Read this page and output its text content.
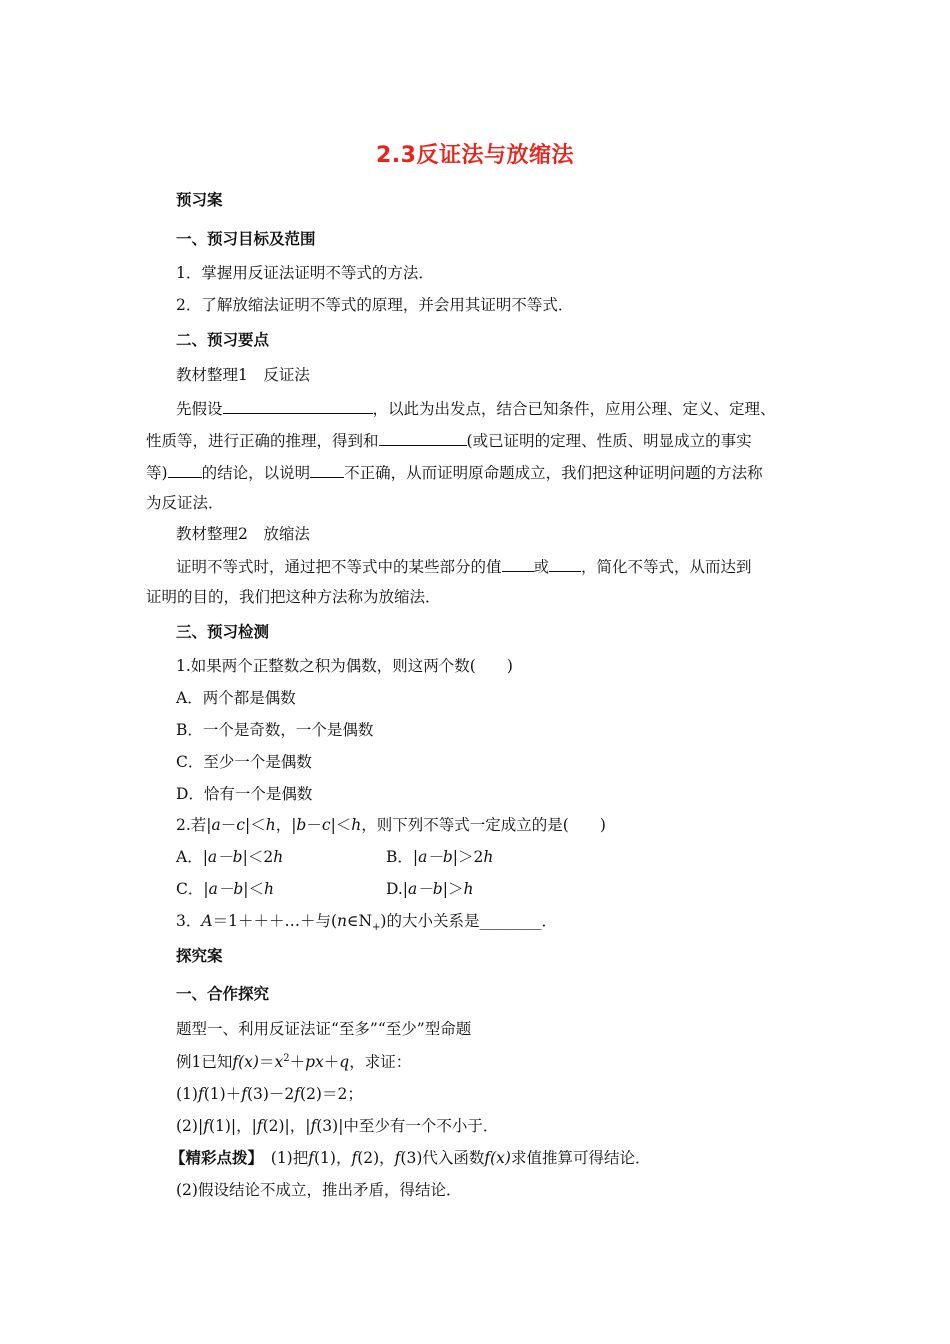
2.3反证法与放缩法
预习案
一、预习目标及范围
1．掌握用反证法证明不等式的方法．
2．了解放缩法证明不等式的原理，并会用其证明不等式．
二、预习要点
教材整理1　反证法
先假设	，以此为出发点，结合已知条件，应用公理、定义、定理、
性质等，进行正确的推理，得到和	(或已证明的定理、性质、明显成立的事实
等) 的结论，以说明 不正确，从而证明原命题成立，我们把这种证明问题的方法称
为反证法．
教材整理2　放缩法
证明不等式时，通过把不等式中的某些部分的值 或 ，简化不等式，从而达到
证明的目的，我们把这种方法称为放缩法．
三、预习检测
1.如果两个正整数之积为偶数，则这两个数(　　)
A．两个都是偶数
B．一个是奇数，一个是偶数
C．至少一个是偶数
D．恰有一个是偶数
2.若|a－c|＜h，|b－c|＜h，则下列不等式一定成立的是(　　)
A．|a－b|＜2h	B．|a－b|＞2h
C．|a－b|＜h	D.|a－b|＞h
3．A＝1＋＋＋…＋与$(n\in N_+)$的大小关系是________．
探究案
一、合作探究
题型一、利用反证法证“至多”“至少”型命题
例1已知$f(x)=x^2+px+q$，求证：
(1)f(1)＋f(3)－2f(2)＝2；
(2)|f(1)|，|f(2)|，|f(3)|中至少有一个不小于．
【精彩点拨】　(1)把f(1)，f(2)，f(3)代入函数f(x)求值推算可得结论．
(2)假设结论不成立，推出矛盾，得结论．
